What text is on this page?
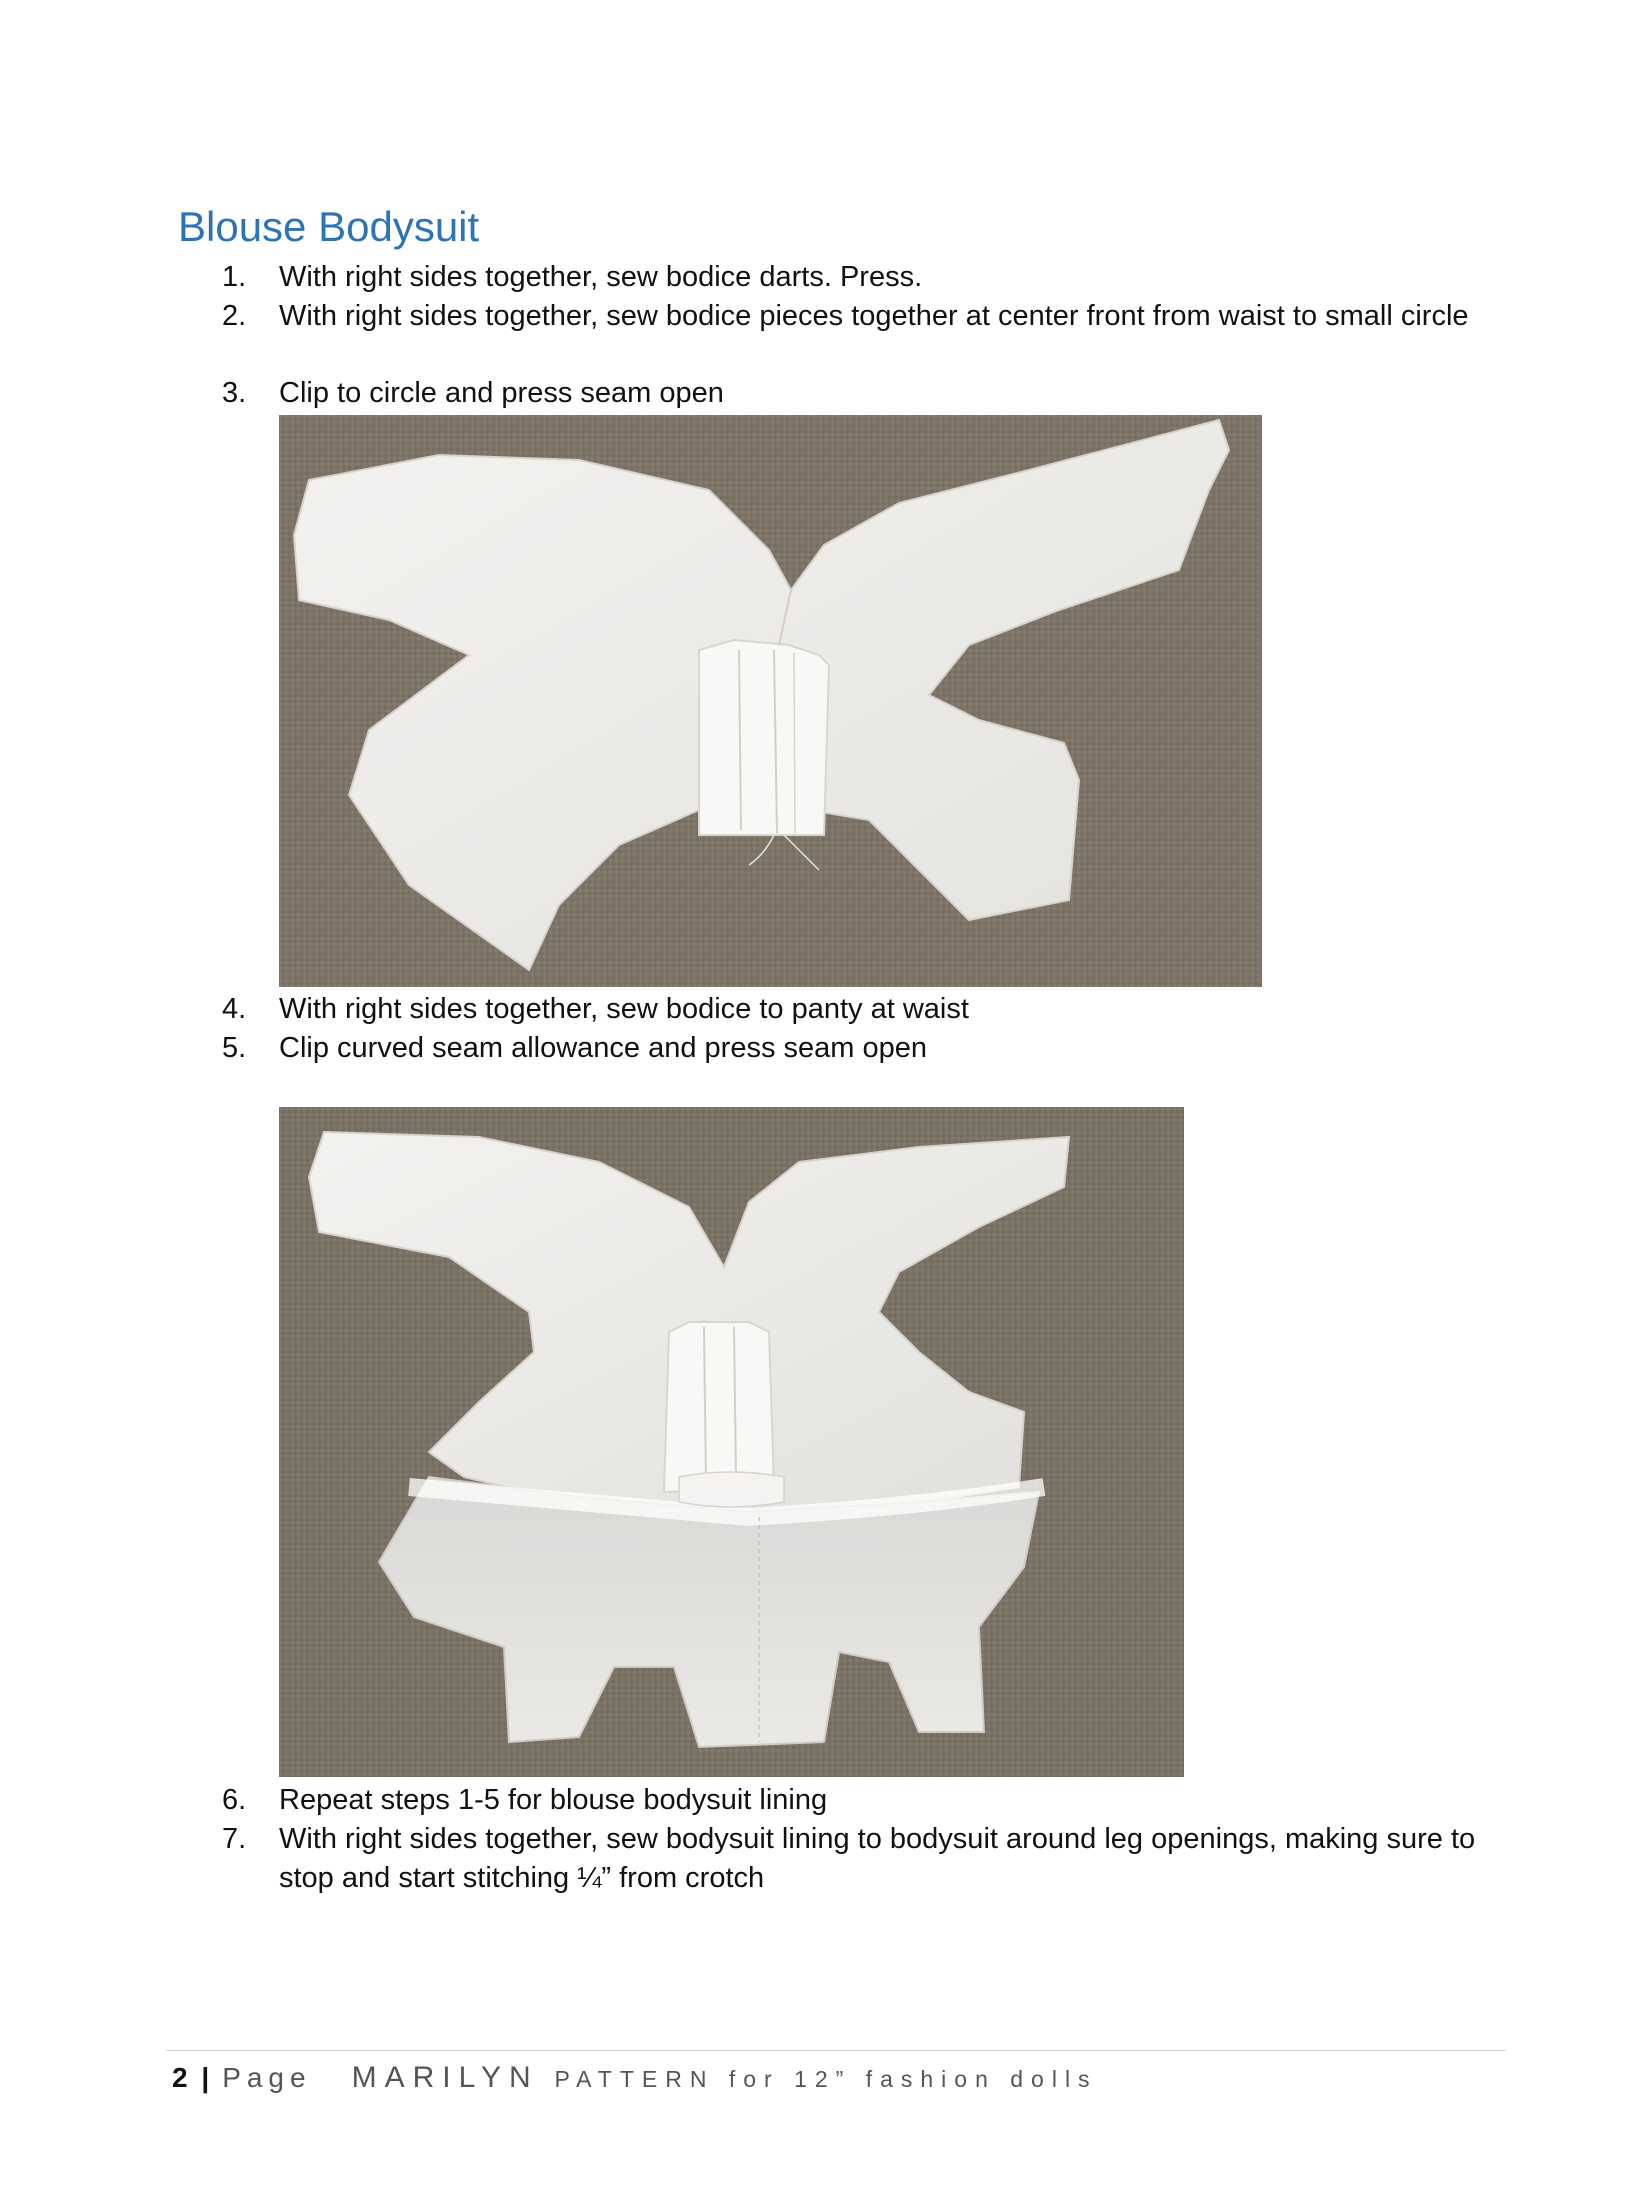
Blouse Bodysuit
1. With right sides together, sew bodice darts. Press.
2. With right sides together, sew bodice pieces together at center front from waist to small circle
3. Clip to circle and press seam open
4. With right sides together, sew bodice to panty at waist
5. Clip curved seam allowance and press seam open
6. Repeat steps 1-5 for blouse bodysuit lining
7. With right sides together, sew bodysuit lining to bodysuit around leg openings, making sure to stop and start stitching ¼” from crotch
2 | Page MARILYN PATTERN for 12” fashion dolls
